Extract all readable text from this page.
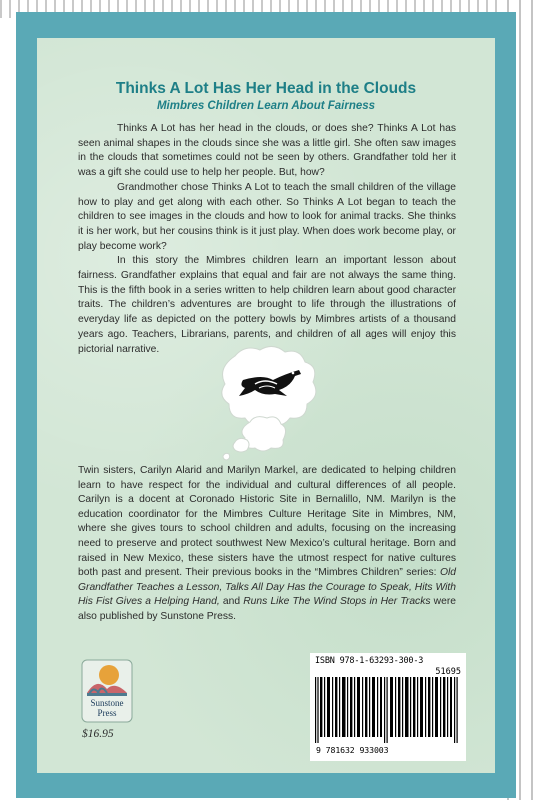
Thinks A Lot Has Her Head in the Clouds
Mimbres Children Learn About Fairness

Thinks A Lot has her head in the clouds, or does she? Thinks A Lot has seen animal shapes in the clouds since she was a little girl. She often saw images in the clouds that sometimes could not be seen by others. Grandfather told her it was a gift she could use to help her people. But, how?

Grandmother chose Thinks A Lot to teach the small children of the village how to play and get along with each other. So Thinks A Lot began to teach the children to see images in the clouds and how to look for animal tracks. She thinks it is her work, but her cousins think is it just play. When does work become play, or play become work?

In this story the Mimbres children learn an important lesson about fairness. Grandfather explains that equal and fair are not always the same thing. This is the fifth book in a series written to help children learn about good character traits. The children’s adventures are brought to life through the illustrations of everyday life as depicted on the pottery bowls by Mimbres artists of a thousand years ago. Teachers, Librarians, parents, and children of all ages will enjoy this pictorial narrative.

Twin sisters, Carilyn Alarid and Marilyn Markel, are dedicated to helping children learn to have respect for the individual and cultural differences of all people. Carilyn is a docent at Coronado Historic Site in Bernalillo, NM. Marilyn is the education coordinator for the Mimbres Culture Heritage Site in Mimbres, NM, where she gives tours to school children and adults, focusing on the increasing need to preserve and protect southwest New Mexico’s cultural heritage. Born and raised in New Mexico, these sisters have the utmost respect for native cultures both past and present. Their previous books in the “Mimbres Children” series: Old Grandfather Teaches a Lesson, Talks All Day Has the Courage to Speak, Hits With His Fist Gives a Helping Hand, and Runs Like The Wind Stops in Her Tracks were also published by Sunstone Press.

Sunstone
Press
$16.95
ISBN 978-1-63293-300-3
51695
9 781632 933003
